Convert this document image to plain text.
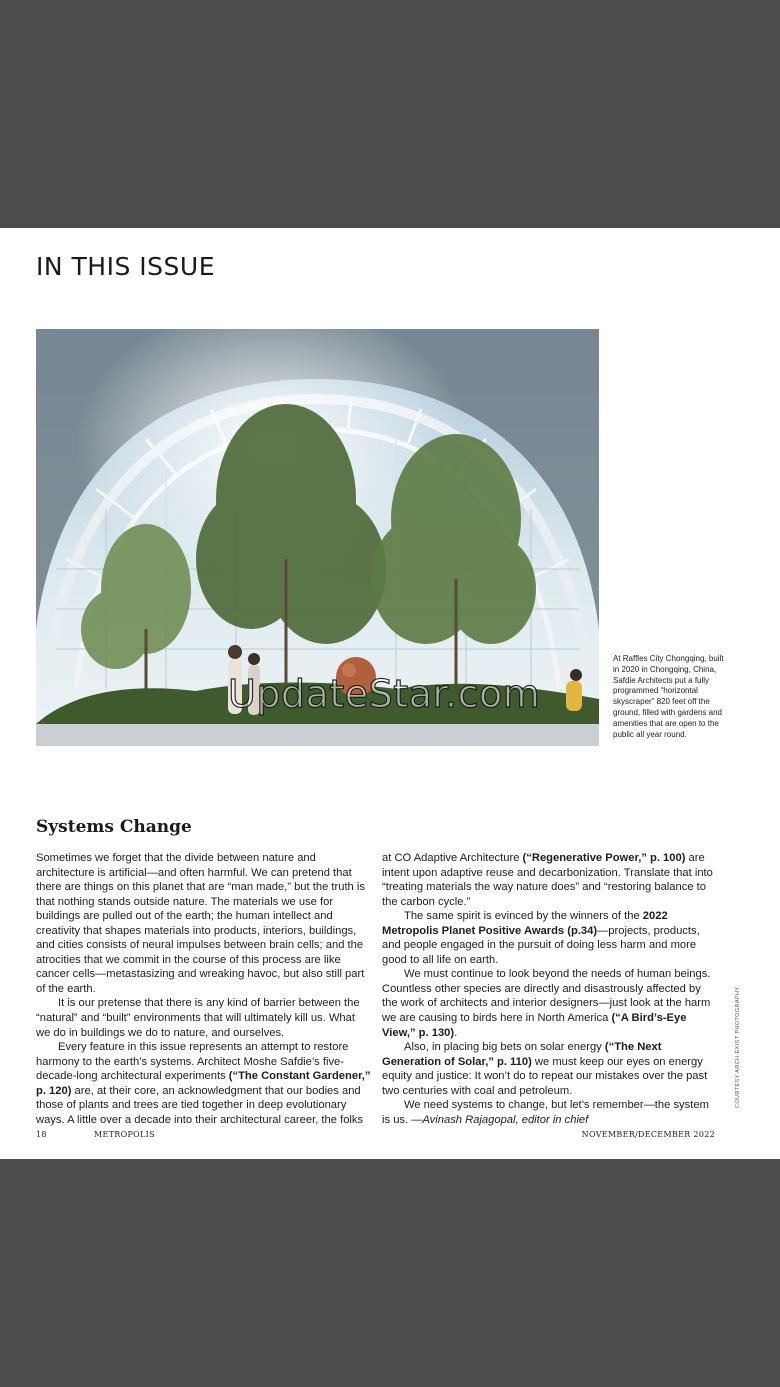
IN THIS ISSUE
UpdateStar.com
At Raffles City Chongqing, built in 2020 in Chongqing, China, Safdie Architects put a fully programmed “horizontal skyscraper” 820 feet off the ground, filled with gardens and amenities that are open to the public all year round.
Systems Change

Sometimes we forget that the divide between nature and architecture is artificial—and often harmful. We can pretend that there are things on this planet that are “man made,” but the truth is that nothing stands outside nature. The materials we use for buildings are pulled out of the earth; the human intellect and creativity that shapes materials into products, interiors, buildings, and cities consists of neural impulses between brain cells; and the atrocities that we commit in the course of this process are like cancer cells—metastasizing and wreaking havoc, but also still part of the earth.

It is our pretense that there is any kind of barrier between the “natural” and “built” environments that will ultimately kill us. What we do in buildings we do to nature, and ourselves.

Every feature in this issue represents an attempt to restore harmony to the earth’s systems. Architect Moshe Safdie’s five-decade-long architectural experiments (“The Constant Gardener,” p. 120) are, at their core, an acknowledgment that our bodies and those of plants and trees are tied together in deep evolutionary ways. A little over a decade into their architectural career, the folks

at CO Adaptive Architecture (“Regenerative Power,” p. 100) are intent upon adaptive reuse and decarbonization. Translate that into “treating materials the way nature does” and “restoring balance to the carbon cycle.”

The same spirit is evinced by the winners of the 2022 Metropolis Planet Positive Awards (p.34)—projects, products, and people engaged in the pursuit of doing less harm and more good to all life on earth.

We must continue to look beyond the needs of human beings. Countless other species are directly and disastrously affected by the work of architects and interior designers—just look at the harm we are causing to birds here in North America (“A Bird’s-Eye View,” p. 130).

Also, in placing big bets on solar energy (“The Next Generation of Solar,” p. 110) we must keep our eyes on energy equity and justice: It won’t do to repeat our mistakes over the past two centuries with coal and petroleum.

We need systems to change, but let’s remember—the system is us. —Avinash Rajagopal, editor in chief

COURTESY ARCH-EXIST PHOTOGRAPHY
18	METROPOLIS	NOVEMBER/DECEMBER 2022
